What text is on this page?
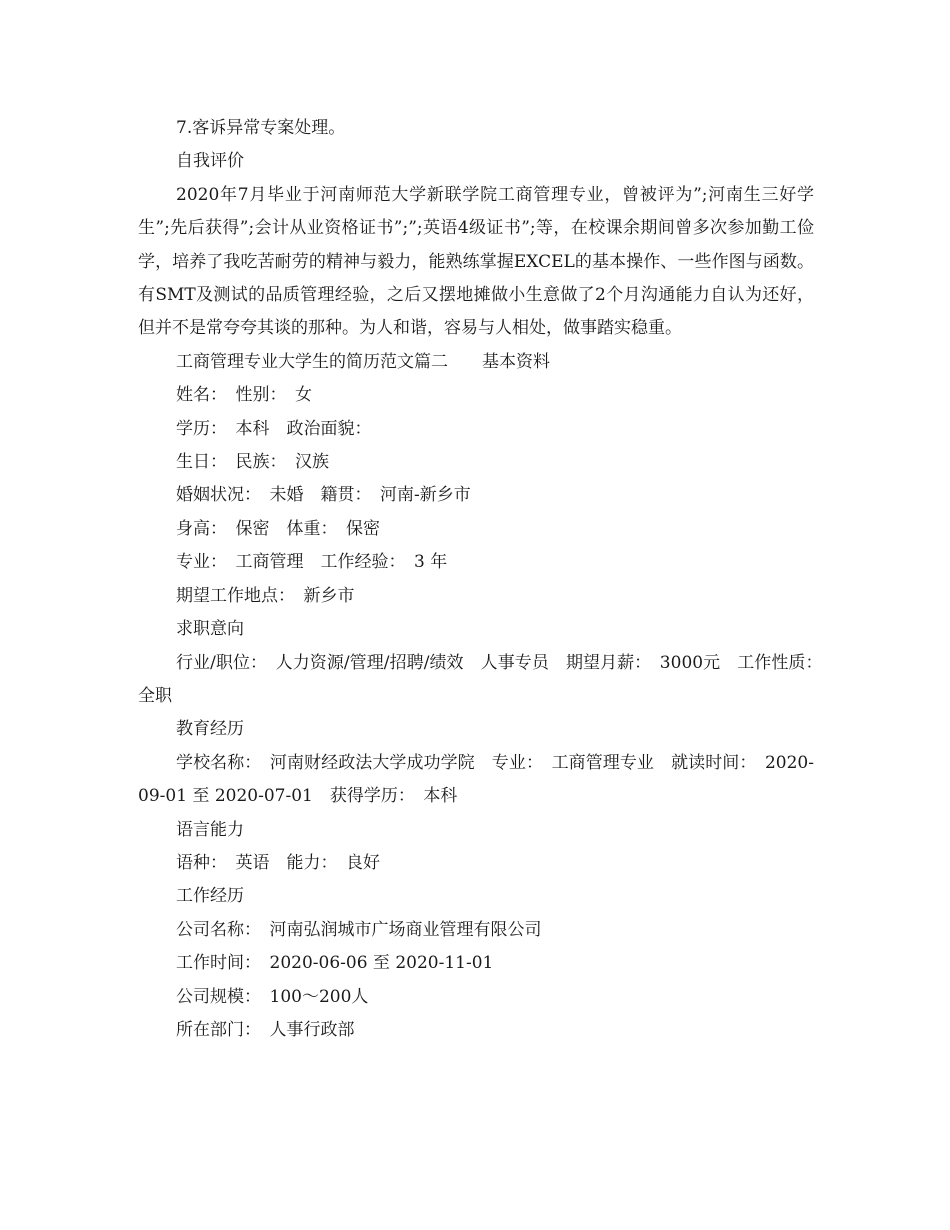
7.客诉异常专案处理。

自我评价

2020年7月毕业于河南师范大学新联学院工商管理专业，曾被评为”;河南生三好学生”;先后获得”;会计从业资格证书”;”;英语4级证书”;等，在校课余期间曾多次参加勤工俭学，培养了我吃苦耐劳的精神与毅力，能熟练掌握EXCEL的基本操作、一些作图与函数。有SMT及测试的品质管理经验，之后又摆地摊做小生意做了2个月沟通能力自认为还好，但并不是常夸夸其谈的那种。为人和谐，容易与人相处，做事踏实稳重。

工商管理专业大学生的简历范文篇二　　基本资料

姓名：　性别：　女

学历：　本科　政治面貌：

生日：　民族：　汉族

婚姻状况：　未婚　籍贯：　河南-新乡市

身高：　保密　体重：　保密

专业：　工商管理　工作经验：　3 年

期望工作地点：　新乡市

求职意向

行业/职位：　人力资源/管理/招聘/绩效　人事专员　期望月薪：　3000元　工作性质：　全职

教育经历

学校名称：　河南财经政法大学成功学院　专业：　工商管理专业　就读时间：　2020-09-01 至 2020-07-01　获得学历：　本科

语言能力

语种：　英语　能力：　良好

工作经历

公司名称：　河南弘润城市广场商业管理有限公司

工作时间：　2020-06-06 至 2020-11-01

公司规模：　100～200人

所在部门：　人事行政部
